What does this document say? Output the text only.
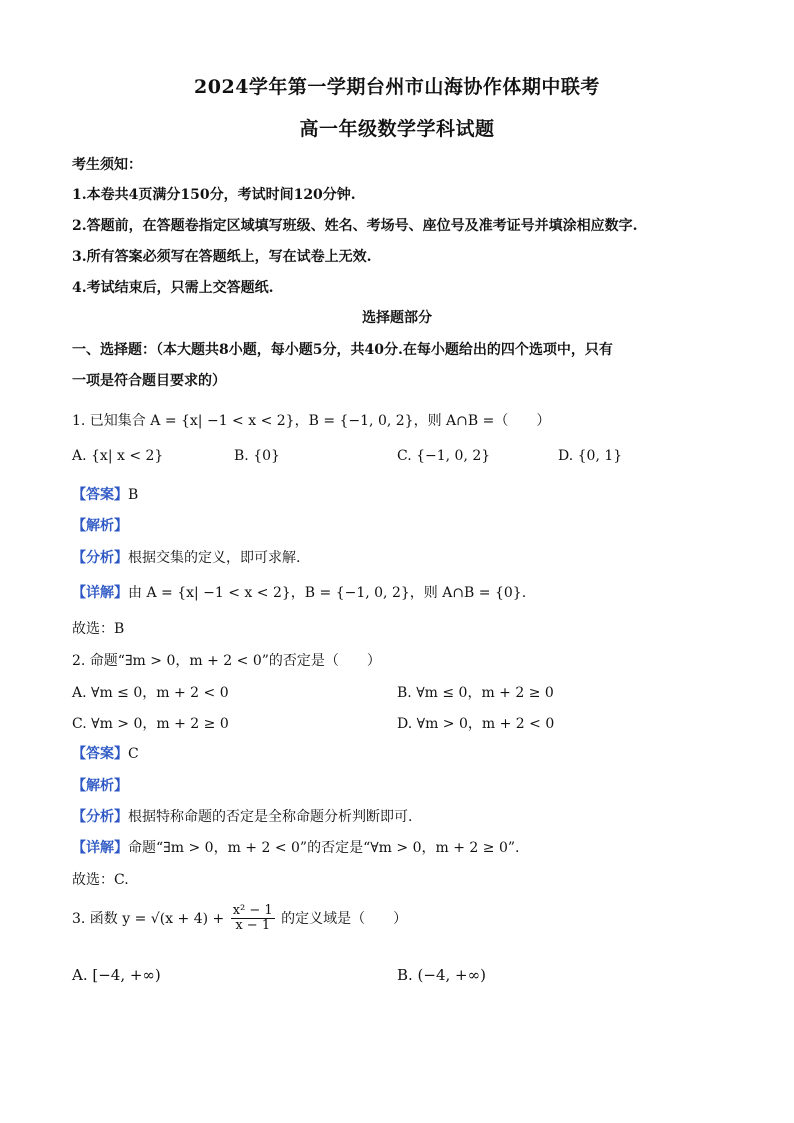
2024学年第一学期台州市山海协作体期中联考
高一年级数学学科试题
考生须知：
1.本卷共4页满分150分，考试时间120分钟.
2.答题前，在答题卷指定区域填写班级、姓名、考场号、座位号及准考证号并填涂相应数字.
3.所有答案必须写在答题纸上，写在试卷上无效.
4.考试结束后，只需上交答题纸.
选择题部分
一、选择题：（本大题共8小题，每小题5分，共40分.在每小题给出的四个选项中，只有
一项是符合题目要求的）
1. 已知集合 A = {x| −1 < x < 2}，B = {−1, 0, 2}，则 A∩B =（　　）
A. {x| x < 2}	B. {0}	C. {−1, 0, 2}	D. {0, 1}
【答案】B
【解析】
【分析】根据交集的定义，即可求解.
【详解】由 A = {x| −1 < x < 2}，B = {−1, 0, 2}，则 A∩B = {0}.
故选：B
2. 命题“∃m > 0，m + 2 < 0”的否定是（　　）
A. ∀m ≤ 0，m + 2 < 0	B. ∀m ≤ 0，m + 2 ≥ 0
C. ∀m > 0，m + 2 ≥ 0	D. ∀m > 0，m + 2 < 0
【答案】C
【解析】
【分析】根据特称命题的否定是全称命题分析判断即可.
【详解】命题“∃m > 0，m + 2 < 0”的否定是“∀m > 0，m + 2 ≥ 0”.
故选：C.
3. 函数 $y = √(x + 4) + \frac{\text{x² − 1}}{x - 1}$ 的定义域是（　　）
A. [−4, +∞)	B. (−4, +∞)
